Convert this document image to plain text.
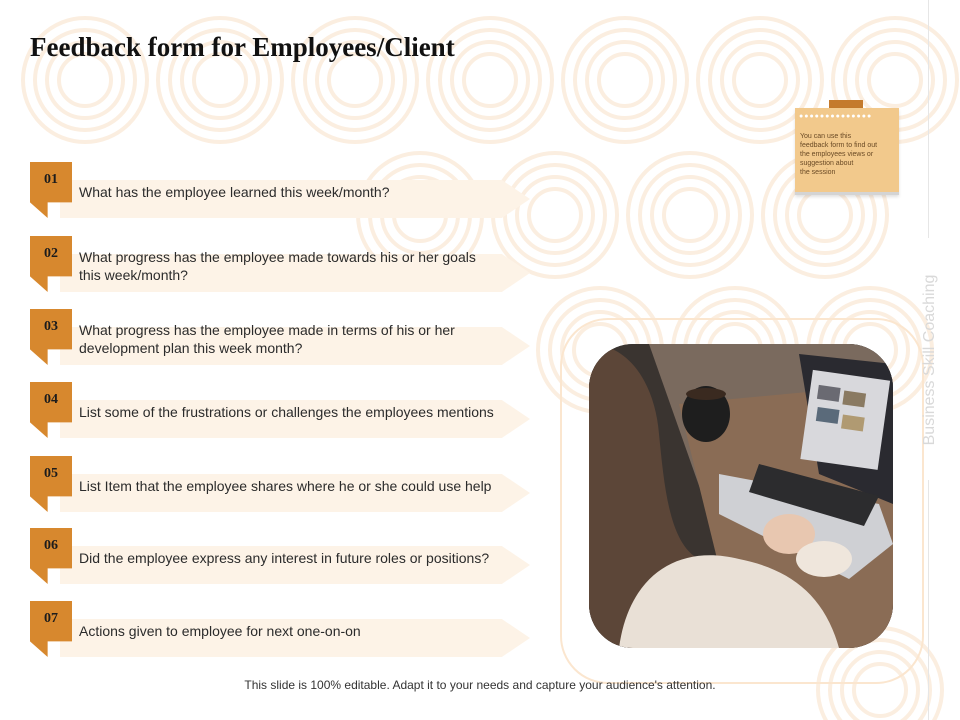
Feedback form for Employees/Client
01
What has the employee learned this week/month?
02	What progress has the employee made towards his or her goals this week/month?
03	What progress has the employee made in terms of his or her development plan this week month?
04
List some of the frustrations or challenges the employees mentions
05
List Item that the employee shares where he or she could use help
06
Did the employee express any interest in future roles or positions?
07
Actions given to employee for next one-on-on
●●●●●●●●●●●●●●
You can use this
feedback form to find out
the employees views or
suggestion about
the session
Business Skill Coaching
This slide is 100% editable. Adapt it to your needs and capture your audience's attention.
